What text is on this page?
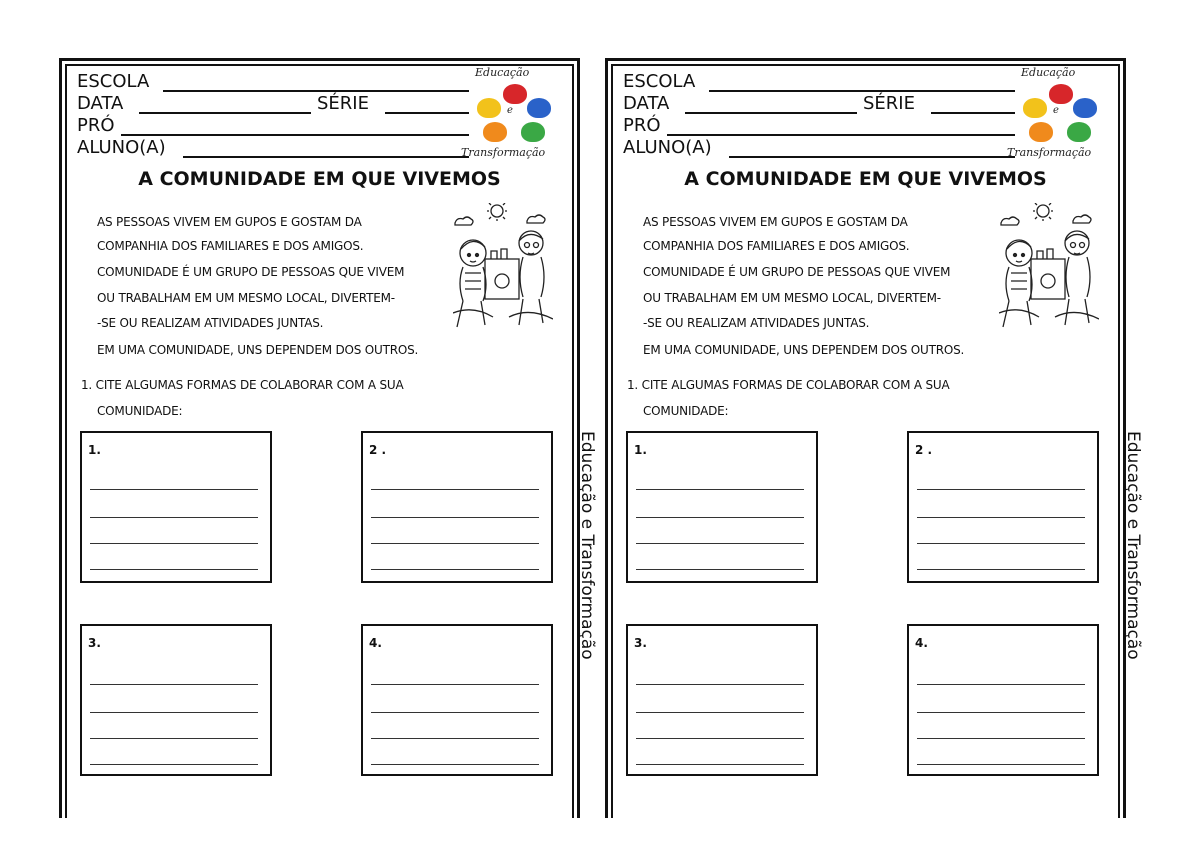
ESCOLA
DATA	SÉRIE
PRÓ
ALUNO(A)
Educação
e
Transformação
A COMUNIDADE EM QUE VIVEMOS
AS PESSOAS VIVEM EM GUPOS E GOSTAM DA
COMPANHIA DOS FAMILIARES E DOS AMIGOS.
COMUNIDADE É UM GRUPO DE PESSOAS QUE VIVEM
OU TRABALHAM EM UM MESMO LOCAL, DIVERTEM-
-SE OU REALIZAM ATIVIDADES JUNTAS.
EM UMA COMUNIDADE, UNS DEPENDEM DOS OUTROS.
1. CITE ALGUMAS FORMAS DE COLABORAR COM A SUA
COMUNIDADE:
1.	2 .
3.	4.	Educação e Transformação
ESCOLA
DATA	SÉRIE
PRÓ
ALUNO(A)
Educação
e
Transformação
A COMUNIDADE EM QUE VIVEMOS
AS PESSOAS VIVEM EM GUPOS E GOSTAM DA
COMPANHIA DOS FAMILIARES E DOS AMIGOS.
COMUNIDADE É UM GRUPO DE PESSOAS QUE VIVEM
OU TRABALHAM EM UM MESMO LOCAL, DIVERTEM-
-SE OU REALIZAM ATIVIDADES JUNTAS.
EM UMA COMUNIDADE, UNS DEPENDEM DOS OUTROS.
1. CITE ALGUMAS FORMAS DE COLABORAR COM A SUA
COMUNIDADE:
1.	2 .
3.	4.	Educação e Transformação
